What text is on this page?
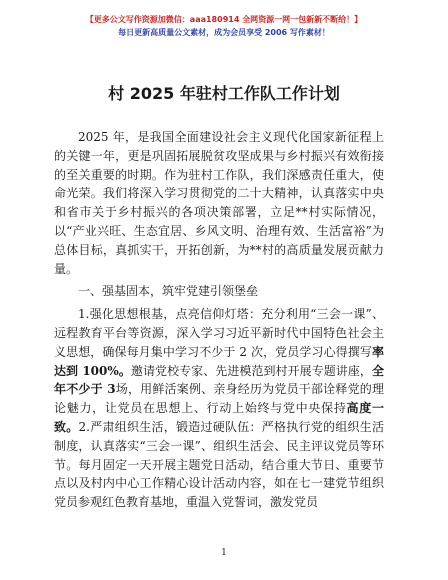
【更多公文写作资源加微信：aaa180914 全网资源一网一包新新不断给！】
每日更新高质量公文素材，成为会员享受 2006 写作素材！
村 2025 年驻村工作队工作计划

2025 年，是我国全面建设社会主义现代化国家新征程上的关键一年，更是巩固拓展脱贫攻坚成果与乡村振兴有效衔接的至关重要的时期。作为驻村工作队，我们深感责任重大，使命光荣。我们将深入学习贯彻党的二十大精神，认真落实中央和省市关于乡村振兴的各项决策部署，立足**村实际情况，以“产业兴旺、生态宜居、乡风文明、治理有效、生活富裕”为总体目标，真抓实干，开拓创新，为**村的高质量发展贡献力量。

一、强基固本，筑牢党建引领堡垒

1.强化思想根基，点亮信仰灯塔：充分利用“三会一课”、远程教育平台等资源，深入学习习近平新时代中国特色社会主义思想，确保每月集中学习不少于 2 次，党员学习心得撰写率达到 100%。邀请党校专家、先进模范到村开展专题讲座，全年不少于 3场，用鲜活案例、亲身经历为党员干部诠释党的理论魅力，让党员在思想上、行动上始终与党中央保持高度一致。2.严肃组织生活，锻造过硬队伍：严格执行党的组织生活制度，认真落实“三会一课”、组织生活会、民主评议党员等环节。每月固定一天开展主题党日活动，结合重大节日、重要节点以及村内中心工作精心设计活动内容，如在七一建党节组织党员参观红色教育基地，重温入党誓词，激发党员

1
